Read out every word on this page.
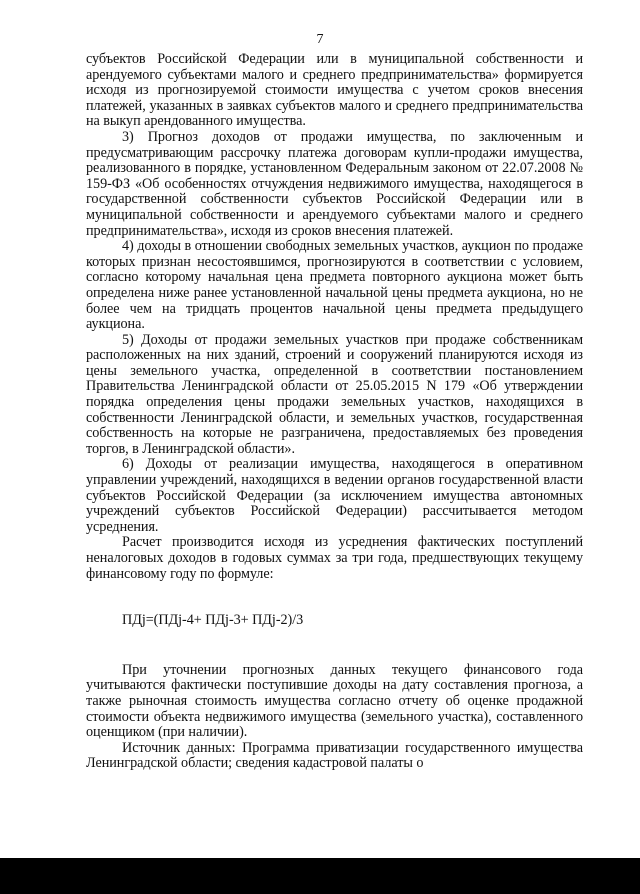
7

субъектов Российской Федерации или в муниципальной собственности и арендуемого субъектами малого и среднего предпринимательства» формируется исходя из прогнозируемой стоимости имущества с учетом сроков внесения платежей, указанных в заявках субъектов малого и среднего предпринимательства на выкуп арендованного имущества.

3) Прогноз доходов от продажи имущества, по заключенным и предусматривающим рассрочку платежа договорам купли-продажи имущества, реализованного в порядке, установленном Федеральным законом от 22.07.2008 № 159-ФЗ «Об особенностях отчуждения недвижимого имущества, находящегося в государственной собственности субъектов Российской Федерации или в муниципальной собственности и арендуемого субъектами малого и среднего предпринимательства», исходя из сроков внесения платежей.

4) доходы в отношении свободных земельных участков, аукцион по продаже которых признан несостоявшимся, прогнозируются в соответствии с условием, согласно которому начальная цена предмета повторного аукциона может быть определена ниже ранее установленной начальной цены предмета аукциона, но не более чем на тридцать процентов начальной цены предмета предыдущего аукциона.

5) Доходы от продажи земельных участков при продаже собственникам расположенных на них зданий, строений и сооружений планируются исходя из цены земельного участка, определенной в соответствии постановлением Правительства Ленинградской области от 25.05.2015 N 179 «Об утверждении порядка определения цены продажи земельных участков, находящихся в собственности Ленинградской области, и земельных участков, государственная собственность на которые не разграничена, предоставляемых без проведения торгов, в Ленинградской области».

6) Доходы от реализации имущества, находящегося в оперативном управлении учреждений, находящихся в ведении органов государственной власти субъектов Российской Федерации (за исключением имущества автономных учреждений субъектов Российской Федерации) рассчитывается методом усреднения.

Расчет производится исходя из усреднения фактических поступлений неналоговых доходов в годовых суммах за три года, предшествующих текущему финансовому году по формуле:

ПДj=(ПДj-4+ ПДj-3+ ПДj-2)/3

При уточнении прогнозных данных текущего финансового года учитываются фактически поступившие доходы на дату составления прогноза, а также рыночная стоимость имущества согласно отчету об оценке продажной стоимости объекта недвижимого имущества (земельного участка), составленного оценщиком (при наличии).

Источник данных: Программа приватизации государственного имущества Ленинградской области; сведения кадастровой палаты о
